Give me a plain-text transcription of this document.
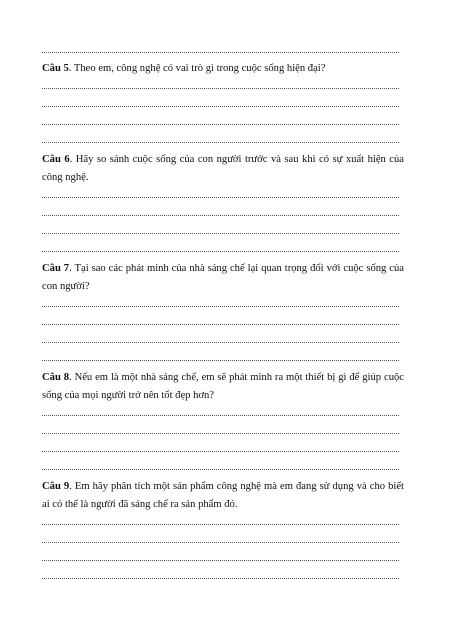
Câu 5. Theo em, công nghệ có vai trò gì trong cuộc sống hiện đại?
Câu 6. Hãy so sánh cuộc sống của con người trước và sau khi có sự xuất hiện của công nghệ.
Câu 7. Tại sao các phát minh của nhà sáng chế lại quan trọng đối với cuộc sống của con người?
Câu 8. Nếu em là một nhà sáng chế, em sẽ phát minh ra một thiết bị gì để giúp cuộc sống của mọi người trở nên tốt đẹp hơn?
Câu 9. Em hãy phân tích một sản phẩm công nghệ mà em đang sử dụng và cho biết ai có thể là người đã sáng chế ra sản phẩm đó.
